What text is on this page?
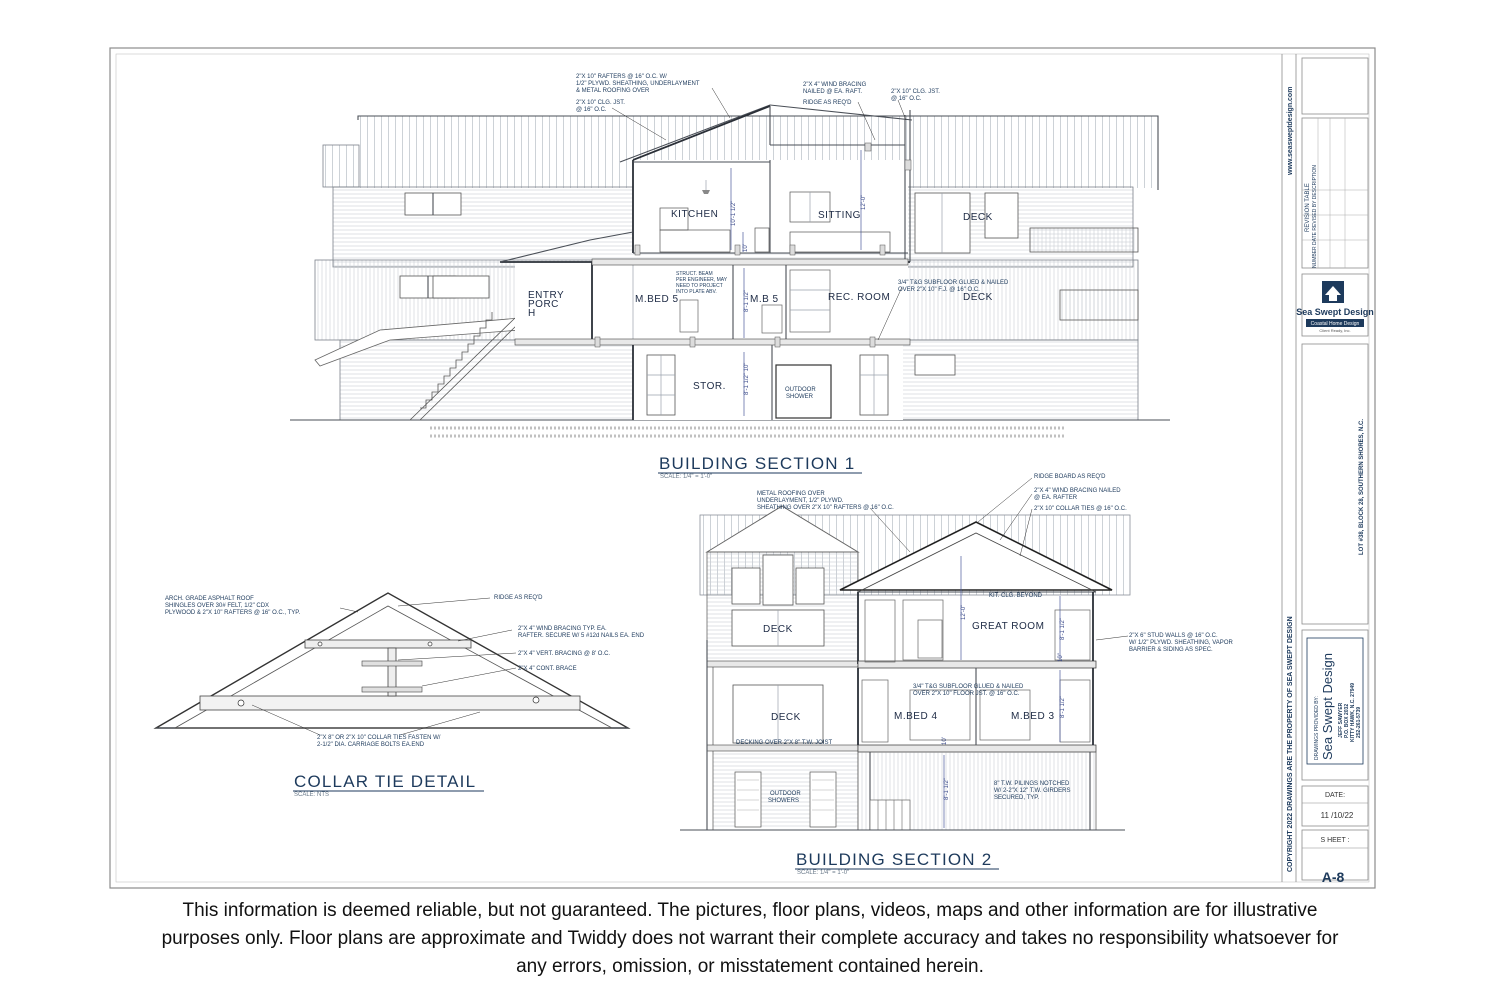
10'-1 1/2"
10'
12'-0"
8'-1 1/2"
8'-1 1/2" 10"
KITCHEN	SITTING	DECK
ENTRY
PORC
H
M.BED 5	M.B 5	REC. ROOM	DECK
STOR.	OUTDOOR
SHOWER
2"X 10" RAFTERS @ 16" O.C. W/
1/2" PLYWD. SHEATHING, UNDERLAYMENT
& METAL ROOFING OVER
2"X 10" CLG. JST.
@ 16" O.C.
2"X 4" WIND BRACING
NAILED @ EA. RAFT.
RIDGE AS REQ'D
2"X 10" CLG. JST.
@ 16" O.C.
STRUCT. BEAM
PER ENGINEER, MAY
NEED TO PROJECT
INTO PLATE ABV.
3/4" T&G SUBFLOOR GLUED & NAILED
OVER 2"X 10" F.J. @ 16" O.C.
BUILDING SECTION 1
SCALE: 1/4" = 1'-0"
ARCH. GRADE ASPHALT ROOF
SHINGLES OVER 30# FELT, 1/2" CDX
PLYWOOD & 2"X 10" RAFTERS @ 16" O.C., TYP.
RIDGE AS REQ'D
2"X 4" WIND BRACING TYP. EA.
RAFTER. SECURE W/ 5 #12d NAILS EA. END
2"X 4" VERT. BRACING @ 8' O.C.
2"X 4" CONT. BRACE
2"X 8" OR 2"X 10" COLLAR TIES FASTEN W/
2-1/2" DIA. CARRIAGE BOLTS EA.END
COLLAR TIE DETAIL
SCALE: NTS
12'-0"
8'-1 1/2"
10"
8'-1 1/2"
10'
8'-1 1/2"
DECK	GREAT ROOM
DECK	M.BED 4	M.BED 3
OUTDOOR
SHOWERS
RIDGE BOARD AS REQ'D
2"X 4" WIND BRACING NAILED
@ EA. RAFTER
2"X 10" COLLAR TIES @ 16" O.C.
METAL ROOFING OVER
UNDERLAYMENT, 1/2" PLYWD.
SHEATHING OVER 2"X 10" RAFTERS @ 16" O.C.
KIT. CLG. BEYOND
2"X 6" STUD WALLS @ 16" O.C.
W/ 1/2" PLYWD. SHEATHING, VAPOR
BARRIER & SIDING AS SPEC.
3/4" T&G SUBFLOOR GLUED & NAILED
OVER 2"X 10" FLOOR JST. @ 16" O.C.
DECKING OVER 2"X 8" T.W. JOIST
8" T.W. PILINGS NOTCHED
W/ 2-2"X 12" T.W. GIRDERS
SECURED, TYP.
BUILDING SECTION 2
SCALE: 1/4" = 1'-0"
www.seasweptdesign.com
COPYRIGHT 2022 DRAWINGS ARE THE PROPERTY OF SEA SWEPT DESIGN
REVISION TABLE NUMBER DATE REVISED BY DESCRIPTION
Sea Swept Design
Coastal Home Design
Client Ready, Inc.
LOT #38, BLOCK 28, SOUTHERN SHORES, N.C.
DRAWINGS PROVIDED BY: Sea Swept Design JEFF SAWYER P.O. BOX 2032 KITTY HAWK, N.C. 27949 252-261-5739
DATE:
11 /10/22
S HEET :
A-8
This information is deemed reliable, but not guaranteed. The pictures, floor plans, videos, maps and other information are for illustrative purposes only. Floor plans are approximate and Twiddy does not warrant their complete accuracy and takes no responsibility whatsoever for any errors, omission, or misstatement contained herein.
